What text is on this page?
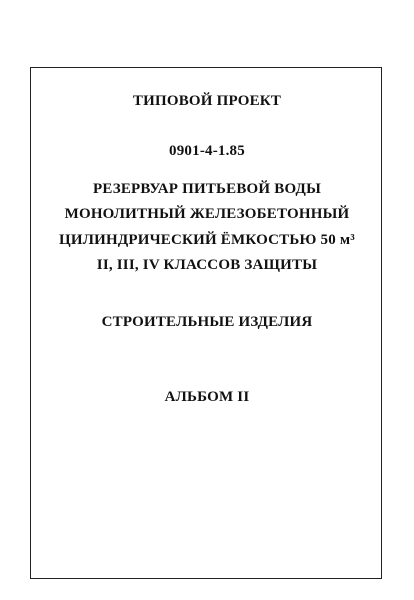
ТИПОВОЙ ПРОЕКТ
0901-4-1.85
РЕЗЕРВУАР ПИТЬЕВОЙ ВОДЫ
МОНОЛИТНЫЙ ЖЕЛЕЗОБЕТОННЫЙ
ЦИЛИНДРИЧЕСКИЙ ЁМКОСТЬЮ 50 м³
II, III, IV КЛАССОВ ЗАЩИТЫ
СТРОИТЕЛЬНЫЕ ИЗДЕЛИЯ
АЛЬБОМ II
